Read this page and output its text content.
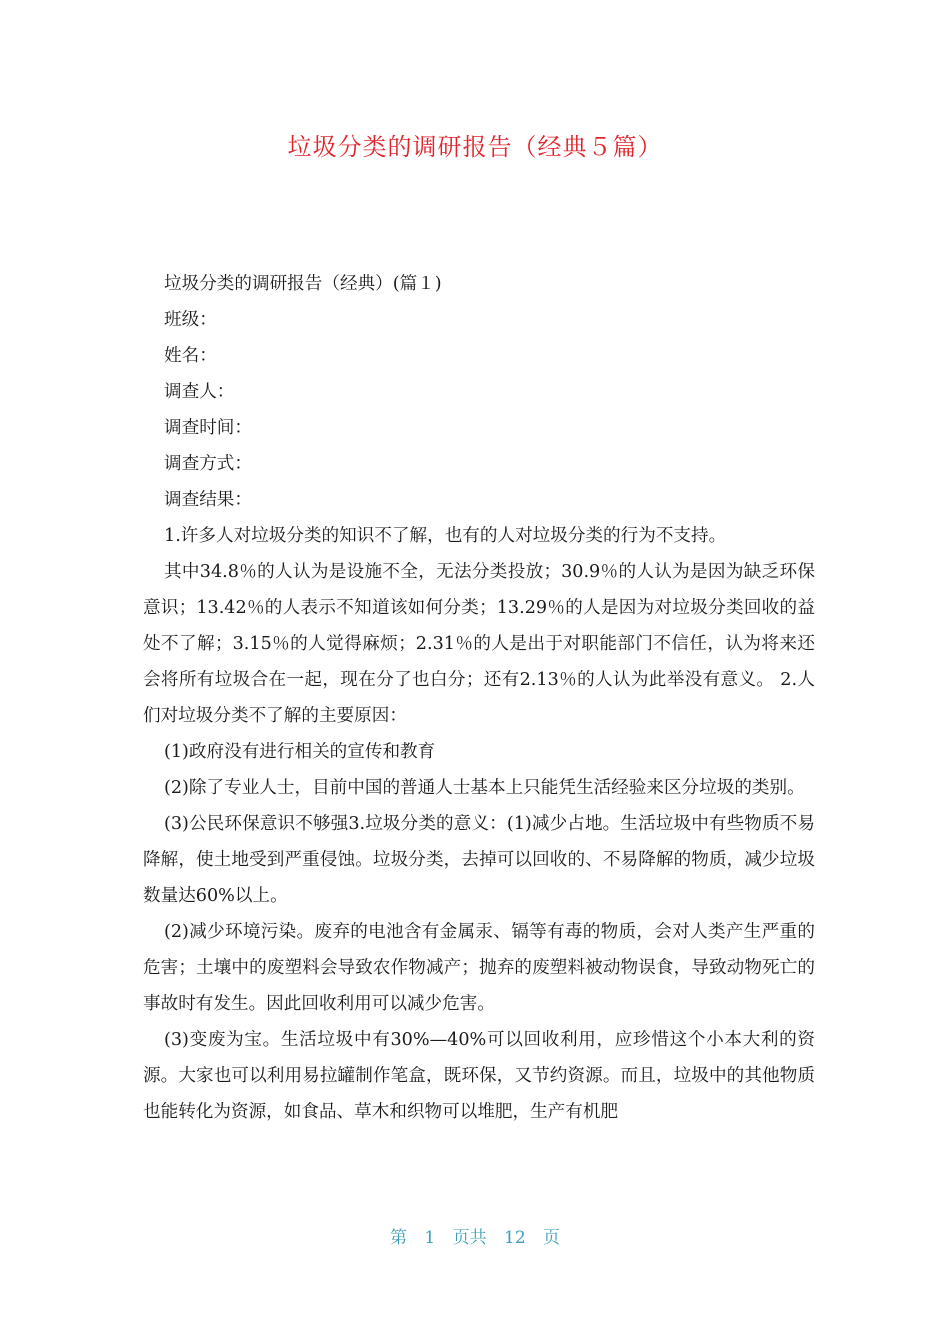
垃圾分类的调研报告（经典５篇）

垃圾分类的调研报告（经典）(篇１)

班级：

姓名：

调查人：

调查时间：

调查方式：

调查结果：

1.许多人对垃圾分类的知识不了解，也有的人对垃圾分类的行为不支持。

其中34.8％的人认为是设施不全，无法分类投放；30.9％的人认为是因为缺乏环保意识；13.42％的人表示不知道该如何分类；13.29％的人是因为对垃圾分类回收的益处不了解；3.15％的人觉得麻烦；2.31％的人是出于对职能部门不信任，认为将来还会将所有垃圾合在一起，现在分了也白分；还有2.13％的人认为此举没有意义。 2.人们对垃圾分类不了解的主要原因：

(1)政府没有进行相关的宣传和教育

(2)除了专业人士，目前中国的普通人士基本上只能凭生活经验来区分垃圾的类别。

(3)公民环保意识不够强3.垃圾分类的意义：(1)减少占地。生活垃圾中有些物质不易降解，使土地受到严重侵蚀。垃圾分类，去掉可以回收的、不易降解的物质，减少垃圾数量达60%以上。

(2)减少环境污染。废弃的电池含有金属汞、镉等有毒的物质，会对人类产生严重的危害；土壤中的废塑料会导致农作物减产；抛弃的废塑料被动物误食，导致动物死亡的事故时有发生。因此回收利用可以减少危害。

(3)变废为宝。生活垃圾中有30%—40%可以回收利用，应珍惜这个小本大利的资源。大家也可以利用易拉罐制作笔盒，既环保，又节约资源。而且，垃圾中的其他物质也能转化为资源，如食品、草木和织物可以堆肥，生产有机肥

第 1 页共 12 页
